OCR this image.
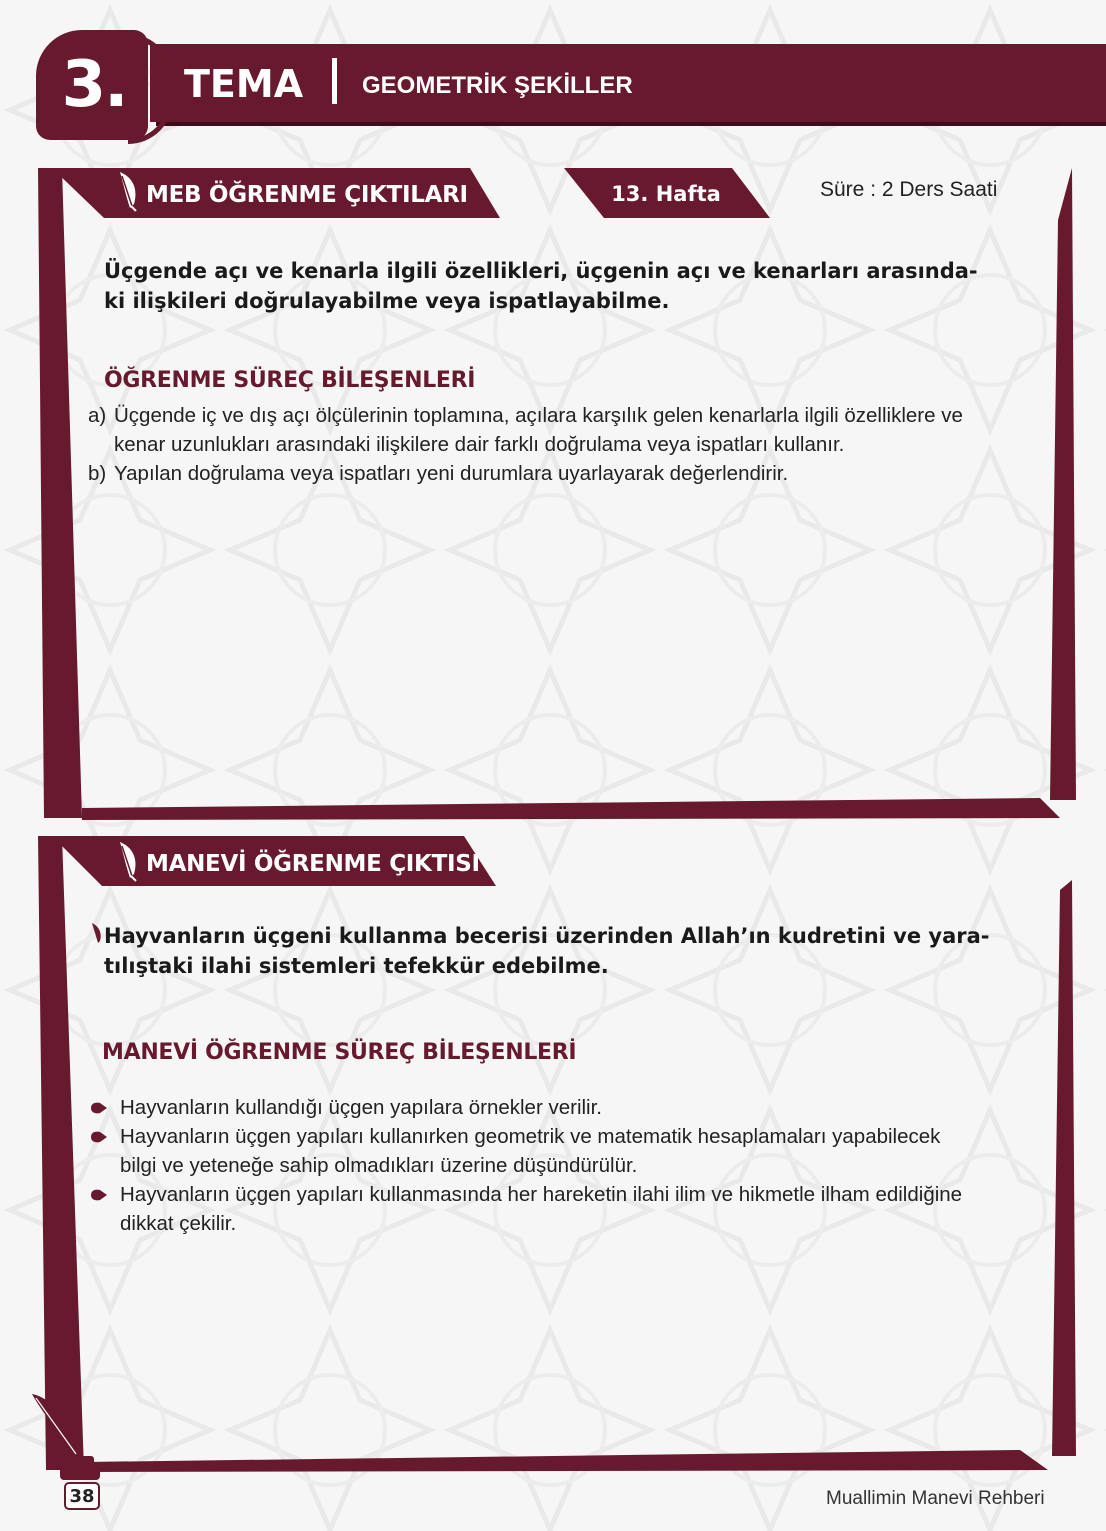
3. TEMA GEOMETRİK ŞEKİLLER
MEB ÖĞRENME ÇIKTILARI	13. Hafta	Süre : 2 Ders Saati
Üçgende açı ve kenarla ilgili özellikleri, üçgenin açı ve kenarları arasında-
ki ilişkileri doğrulayabilme veya ispatlayabilme.
ÖĞRENME SÜREÇ BİLEŞENLERİ
a) Üçgende iç ve dış açı ölçülerinin toplamına, açılara karşılık gelen kenarlarla ilgili özelliklere ve
kenar uzunlukları arasındaki ilişkilere dair farklı doğrulama veya ispatları kullanır.
b) Yapılan doğrulama veya ispatları yeni durumlara uyarlayarak değerlendirir.
MANEVİ ÖĞRENME ÇIKTISI
Hayvanların üçgeni kullanma becerisi üzerinden Allah’ın kudretini ve yara-
tılıştaki ilahi sistemleri tefekkür edebilme.
MANEVİ ÖĞRENME SÜREÇ BİLEŞENLERİ
Hayvanların kullandığı üçgen yapılara örnekler verilir.
Hayvanların üçgen yapıları kullanırken geometrik ve matematik hesaplamaları yapabilecek
bilgi ve yeteneğe sahip olmadıkları üzerine düşündürülür.
Hayvanların üçgen yapıları kullanmasında her hareketin ilahi ilim ve hikmetle ilham edildiğine
dikkat çekilir.
38	Muallimin Manevi Rehberi
